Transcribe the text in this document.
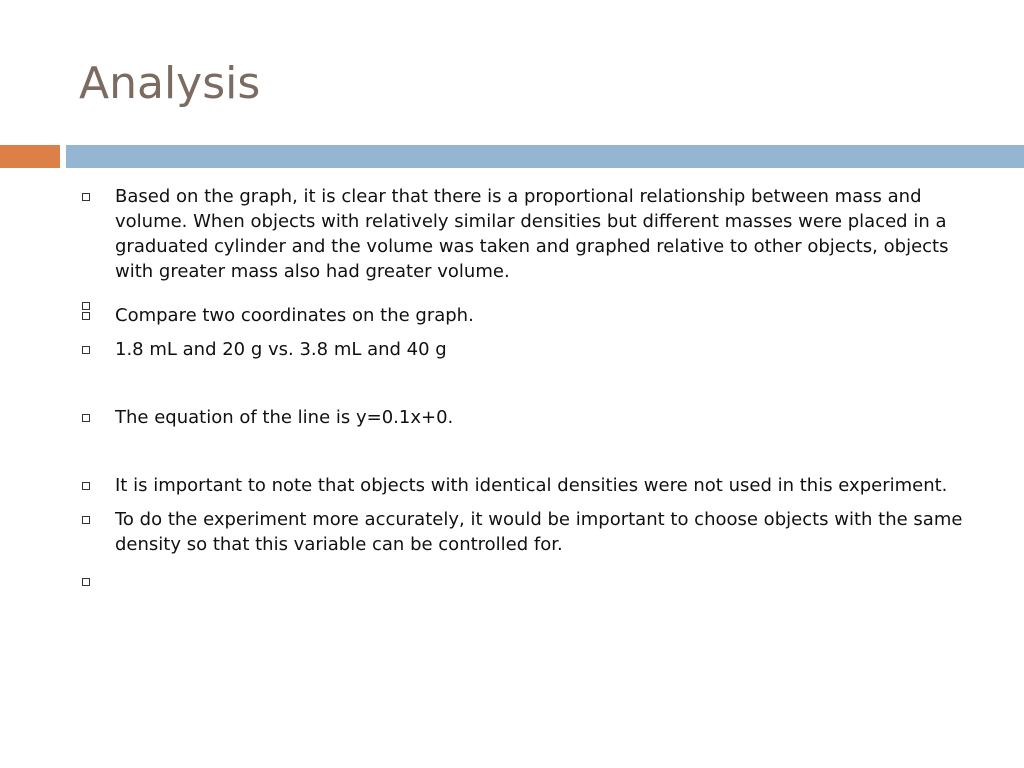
Analysis
Based on the graph, it is clear that there is a proportional relationship between mass and volume. When objects with relatively similar densities but different masses were placed in a graduated cylinder and the volume was taken and graphed relative to other objects, objects with greater mass also had greater volume.
Compare two coordinates on the graph.
1.8 mL and 20 g vs. 3.8 mL and 40 g
The equation of the line is y=0.1x+0.
It is important to note that objects with identical densities were not used in this experiment.
To do the experiment more accurately, it would be important to choose objects with the same density so that this variable can be controlled for.
